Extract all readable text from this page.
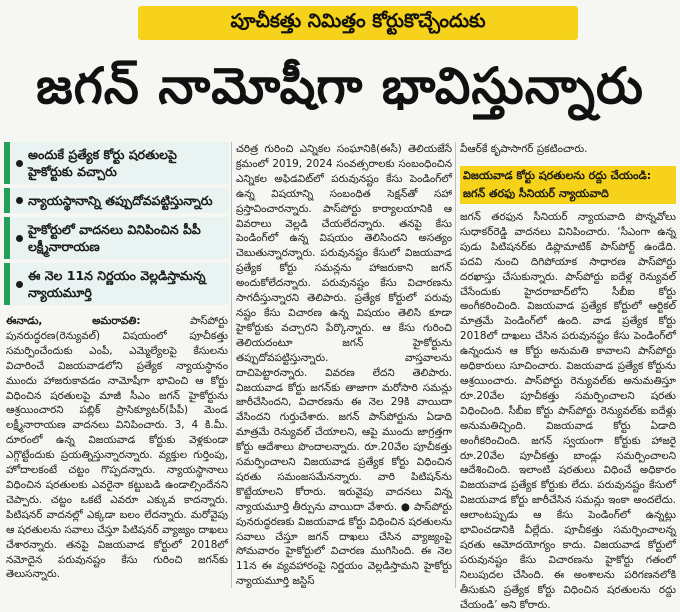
పూచీకత్తు నిమిత్తం కోర్టుకొచ్చేందుకు
జగన్ నామోషీగా భావిస్తున్నారు
అందుకే ప్రత్యేక కోర్టు షరతులపై హైకోర్టుకు వచ్చారు
న్యాయస్థానాన్ని తప్పుదోవపట్టిస్తున్నారు
హైకోర్టులో వాదనలు వినిపించిన పీపీ లక్ష్మీనారాయణ
ఈ నెల 11న నిర్ణయం వెల్లడిస్తామన్న న్యాయమూర్తి
ఈనాడు, అమరావతి:	పాస్‌పోర్టు పునరుద్ధరణ(రెన్యువల్) విషయంలో పూచీకత్తు సమర్పించేందుకు ఎంపీ, ఎమ్మెల్యేలపై కేసులను విచారించే విజయవాడలోని ప్రత్యేక న్యాయస్థానం ముందు హాజరుకావడం నామోషీగా భావించి ఆ కోర్టు విధించిన షరతులపై మాజీ సీఎం జగన్ హైకోర్టును ఆశ్రయించారని పబ్లిక్ ప్రాసిక్యూటర్(పీపీ) మెండ లక్ష్మీనారాయణ వాదనలు వినిపించారు. 3, 4 కి.మీ. దూరంలో ఉన్న విజయవాడ కోర్టుకు వెళ్లకుండా ఎగ్గొట్టేందుకు ప్రయత్నిస్తున్నారన్నారు. వ్యక్తుల గుర్తింపు, హోదాలకంటే చట్టం గొప్పదన్నారు. న్యాయస్థానాలు విధించిన షరతులకు ఎవరైనా కట్టుబడి ఉండాల్సిందేనని చెప్పారు. చట్టం ఒకటే ఎవరూ ఎక్కువ కాదన్నారు. పిటిషనర్ వాదనల్లో ఎక్కడా బలం లేదన్నారు. మరోవైపు ఆ షరతులను సవాలు చేస్తూ పిటిషనర్ వ్యాజ్యం దాఖలు చేశారన్నారు. తనపై విజయవాడ కోర్టులో 2018లో నమోదైన పరువునష్టం కేసు గురించి జగన్‌కు తెలుసన్నారు.
చరిత్ర గురించి ఎన్నికల సంఘానికి(ఈసీ) తెలియజేసే క్రమంలో 2019, 2024 సంవత్సరాలకు సంబంధించిన ఎన్నికల అఫిడవిట్‌లో పరువునష్టం కేసు పెండింగ్‌లో ఉన్న విషయాన్ని సంబంధిత సెక్షన్‌తో సహా ప్రస్తావించారన్నారు. పాస్‌పోర్టు కార్యాలయానికి ఆ వివరాలు వెల్లడి చేయలేదన్నారు. తనపై కేసు పెండింగ్‌లో ఉన్న విషయం తెలిసిందని అసత్యం చెబుతున్నారన్నారు. పరువునష్టం కేసులో విజయవాడ ప్రత్యేక కోర్టు సమన్లను హాజరుకాని జగన్ అందుకోలేదన్నారు. పరువునష్టం కేసు విచారణను సాగదీస్తున్నారని తెలిపారు. ప్రత్యేక కోర్టులో పరువు నష్టం కేసు విచారణ ఉన్న విషయం తెలిసి కూడా హైకోర్టుకు వచ్చారని పేర్కొన్నారు. ఆ కేసు గురించి తెలియదంటూ జగన్ హైకోర్టును తప్పుదోవపట్టిస్తున్నారు. వాస్తవాలను దాచిపెట్టారన్నారు. వివరణ లేదని తెలిపారు. విజయవాడ కోర్టు జగన్‌కు తాజాగా మరోసారి సమన్లు జారీచేసిందని, విచారణను ఈ నెల 29కి వాయిదా వేసిందని గుర్తుచేశారు. జగన్ పాస్‌పోర్టును ఏడాది మాత్రమే రెన్యువల్ చేయాలని, ఆపై ముందు జాగ్రత్తగా కోర్టు ఆదేశాలు పొందాలన్నారు. రూ.20వేల పూచీకత్తు సమర్పించాలని విజయవాడ ప్రత్యేక కోర్టు విధించిన షరతు సమంజసమేనన్నారు. వారి పిటిషన్‌ను కొట్టేయాలని కోరారు. ఇరువైపు వాదనలు విన్న న్యాయమూర్తి తీర్పును వాయిదా వేశారు. ● పాస్‌పోర్టు పునరుద్ధరణకు విజయవాడ కోర్టు విధించిన షరతులను సవాలు చేస్తూ జగన్ దాఖలు చేసిన వ్యాజ్యంపై సోమవారం హైకోర్టులో విచారణ ముగిసింది. ఈ నెల 11న ఈ వ్యవహారంపై నిర్ణయం వెల్లడిస్తామని హైకోర్టు న్యాయమూర్తి జస్టిస్
వీఆర్‌కే కృపాసాగర్ ప్రకటించారు.
విజయవాడ కోర్టు షరతులను రద్దు చేయండి: జగన్ తరఫు సీనియర్ న్యాయవాది
జగన్ తరఫున సీనియర్ న్యాయవాది పొన్నవోలు సుధాకర్‌రెడ్డి వాదనలు వినిపించారు. ‘సీఎంగా ఉన్న పుడు పిటిషనర్‌కు డిప్లొమాటిక్ పాస్‌పోర్ట్ ఉండేది. పదవి నుంచి దిగిపోయాక సాధారణ పాస్‌పోర్టు దరఖాస్తు చేసుకున్నారు. పాస్‌పోర్టు ఐదేళ్ల రెన్యువల్ చేసేందుకు హైదరాబాద్‌లోని సీబీఐ కోర్టు అంగీకరించింది. విజయవాడ ప్రత్యేక కోర్టులో ఆర్టికల్ మాత్రమే పెండింగ్‌లో ఉంది. వాడ ప్రత్యేక కోర్టు 2018లో దాఖలు చేసిన పరువునష్టం కేసు పెండింగ్‌లో ఉన్నందున ఆ కోర్టు అనుమతి కావాలని పాస్‌పోర్టు అధికారులు సూచించారు. విజయవాడ ప్రత్యేక కోర్టును ఆశ్రయించారు. పాస్‌పోర్టు రెన్యువల్‌కు అనుమతిస్తూ రూ.20వేల పూచీకత్తు సమర్పించాలని షరతు విధించింది. సీబీఐ కోర్టు పాస్‌పోర్టు రెన్యువల్‌కు ఐదేళ్లు అనుమతిచ్చింది. విజయవాడ కోర్టు ఏడాది అంగీకరించింది. జగన్ స్వయంగా కోర్టుకు హాజరై రూ.20వేల పూచీకత్తు బాండ్లు సమర్పించాలని ఆదేశించింది. ఇలాంటి షరతులు విధించే అధికారం విజయవాడ ప్రత్యేక కోర్టుకు లేదు. పరువునష్టం కేసులో విజయవాడ కోర్టు జారీచేసిన సమన్లు ఇంకా అందలేదు. ఆలాంటప్పుడు ఆ కేసు పెండింగ్‌లో ఉన్నట్లు భావించడానికి వీల్లేదు. పూచీకత్తు సమర్పించాలన్న షరతు ఆమోదయోగ్యం కాదు. విజయవాడ కోర్టులో పరువునష్టం కేసు విచారణను హైకోర్టు గతంలో నిలుపుదల చేసింది. ఈ అంశాలను పరిగణనలోకి తీసుకుని ప్రత్యేక కోర్టు విధించిన షరతులను రద్దు చేయండి’ అని కోరారు.
